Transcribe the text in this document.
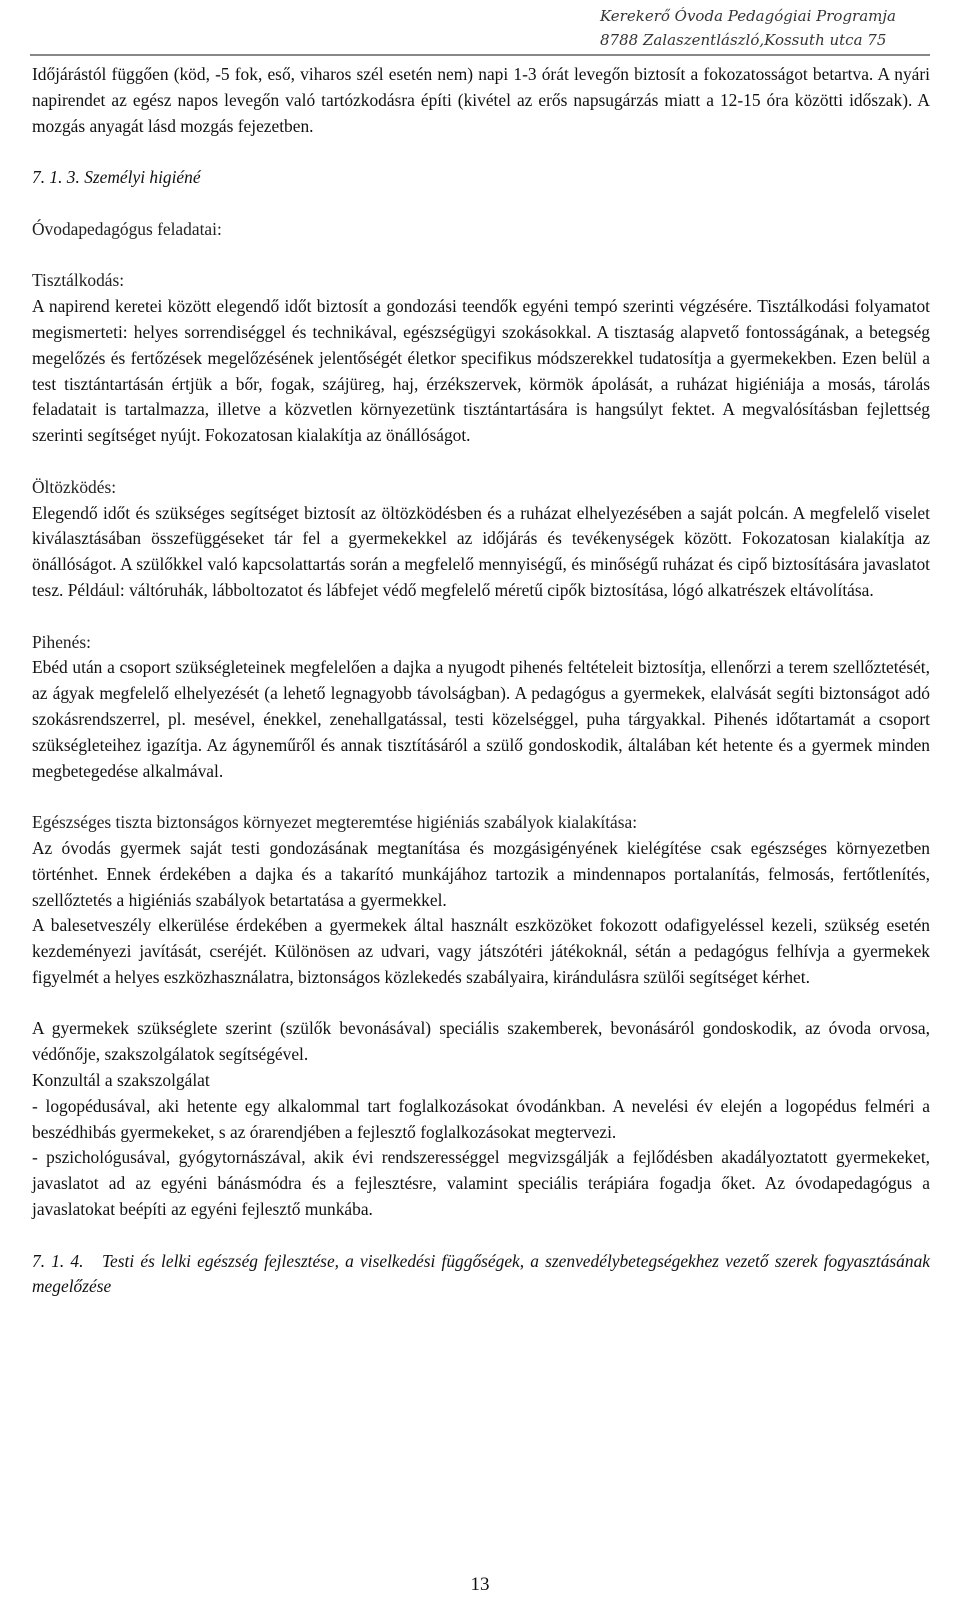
Kerekerő Óvoda Pedagógiai Programja
8788 Zalaszentlászló,Kossuth utca 75

Időjárástól függően (köd, -5 fok, eső, viharos szél esetén nem) napi 1-3 órát levegőn biztosít a fokozatosságot betartva. A nyári napirendet az egész napos levegőn való tartózkodásra építi (kivétel az erős napsugárzás miatt a 12-15 óra közötti időszak). A mozgás anyagát lásd mozgás fejezetben.

7. 1. 3. Személyi higiéné

Óvodapedagógus feladatai:

Tisztálkodás:

A napirend keretei között elegendő időt biztosít a gondozási teendők egyéni tempó szerinti végzésére. Tisztálkodási folyamatot megismerteti: helyes sorrendiséggel és technikával, egészségügyi szokásokkal. A tisztaság alapvető fontosságának, a betegség megelőzés és fertőzések megelőzésének jelentőségét életkor specifikus módszerekkel tudatosítja a gyermekekben. Ezen belül a test tisztántartásán értjük a bőr, fogak, szájüreg, haj, érzékszervek, körmök ápolását, a ruházat higiéniája a mosás, tárolás feladatait is tartalmazza, illetve a közvetlen környezetünk tisztántartására is hangsúlyt fektet. A megvalósításban fejlettség szerinti segítséget nyújt. Fokozatosan kialakítja az önállóságot.

Öltözködés:

Elegendő időt és szükséges segítséget biztosít az öltözködésben és a ruházat elhelyezésében a saját polcán. A megfelelő viselet kiválasztásában összefüggéseket tár fel a gyermekekkel az időjárás és tevékenységek között. Fokozatosan kialakítja az önállóságot. A szülőkkel való kapcsolattartás során a megfelelő mennyiségű, és minőségű ruházat és cipő biztosítására javaslatot tesz. Például: váltóruhák, lábboltozatot és lábfejet védő megfelelő méretű cipők biztosítása, lógó alkatrészek eltávolítása.

Pihenés:

Ebéd után a csoport szükségleteinek megfelelően a dajka a nyugodt pihenés feltételeit biztosítja, ellenőrzi a terem szellőztetését, az ágyak megfelelő elhelyezését (a lehető legnagyobb távolságban). A pedagógus a gyermekek, elalvását segíti biztonságot adó szokásrendszerrel, pl. mesével, énekkel, zenehallgatással, testi közelséggel, puha tárgyakkal. Pihenés időtartamát a csoport szükségleteihez igazítja. Az ágyneműről és annak tisztításáról a szülő gondoskodik, általában két hetente és a gyermek minden megbetegedése alkalmával.

Egészséges tiszta biztonságos környezet megteremtése higiéniás szabályok kialakítása:

Az óvodás gyermek saját testi gondozásának megtanítása és mozgásigényének kielégítése csak egészséges környezetben történhet. Ennek érdekében a dajka és a takarító munkájához tartozik a mindennapos portalanítás, felmosás, fertőtlenítés, szellőztetés a higiéniás szabályok betartatása a gyermekkel.

A balesetveszély elkerülése érdekében a gyermekek által használt eszközöket fokozott odafigyeléssel kezeli, szükség esetén kezdeményezi javítását, cseréjét. Különösen az udvari, vagy játszótéri játékoknál, sétán a pedagógus felhívja a gyermekek figyelmét a helyes eszközhasználatra, biztonságos közlekedés szabályaira, kirándulásra szülői segítséget kérhet.

A gyermekek szükséglete szerint (szülők bevonásával) speciális szakemberek, bevonásáról gondoskodik, az óvoda orvosa, védőnője, szakszolgálatok segítségével.

Konzultál a szakszolgálat

- logopédusával, aki hetente egy alkalommal tart foglalkozásokat óvodánkban. A nevelési év elején a logopédus felméri a beszédhibás gyermekeket, s az órarendjében a fejlesztő foglalkozásokat megtervezi.

- pszichológusával, gyógytornászával, akik évi rendszerességgel megvizsgálják a fejlődésben akadályoztatott gyermekeket, javaslatot ad az egyéni bánásmódra és a fejlesztésre, valamint speciális terápiára fogadja őket. Az óvodapedagógus a javaslatokat beépíti az egyéni fejlesztő munkába.

7. 1. 4. Testi és lelki egészség fejlesztése, a viselkedési függőségek, a szenvedélybetegségekhez vezető szerek fogyasztásának megelőzése

13
